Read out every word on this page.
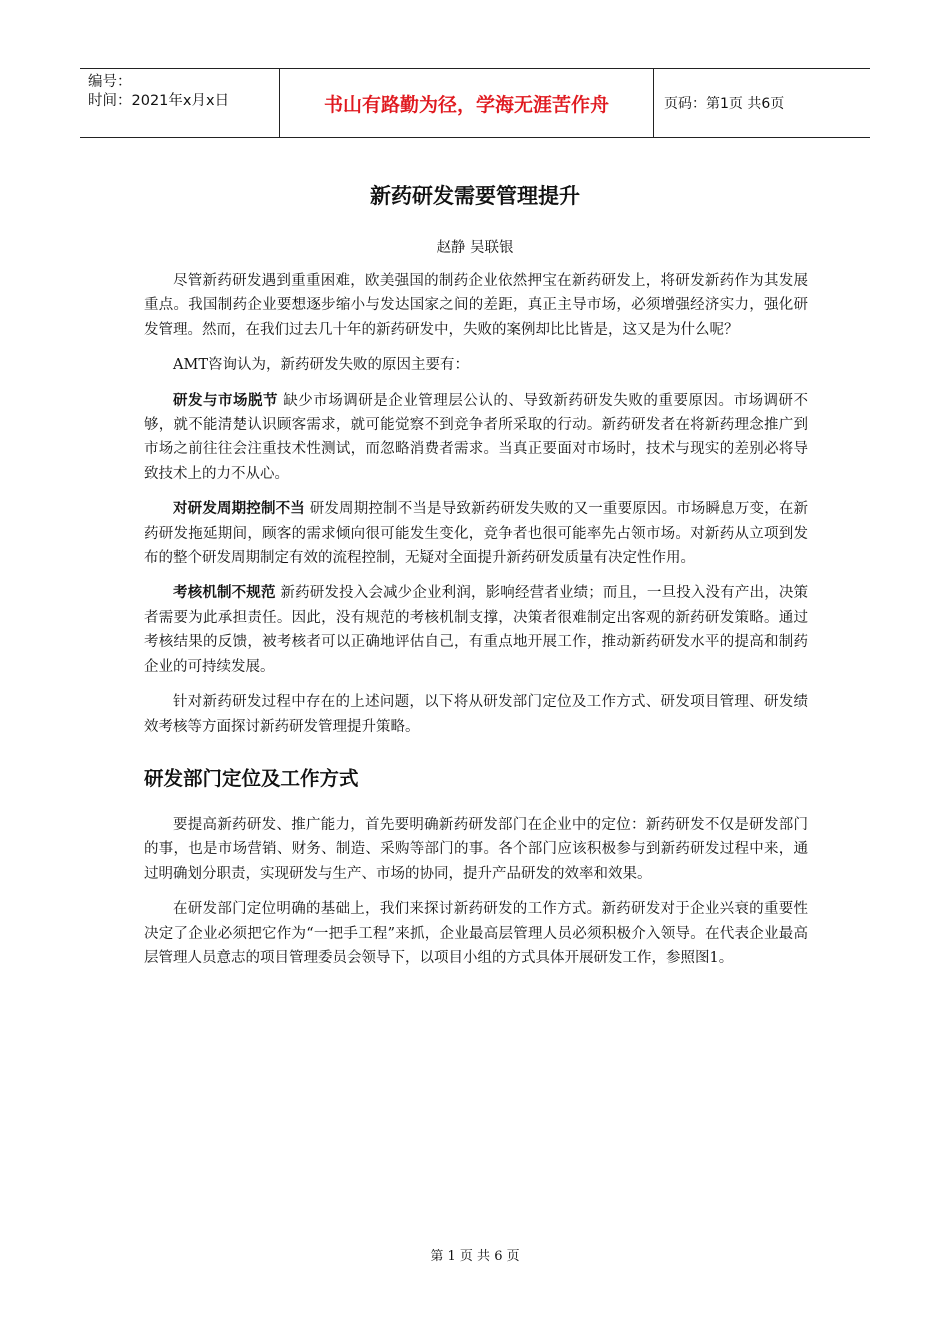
编号：
时间：2021年x月x日	书山有路勤为径，学海无涯苦作舟	页码：第1页 共6页
新药研发需要管理提升
赵静 吴联银

尽管新药研发遇到重重困难，欧美强国的制药企业依然押宝在新药研发上，将研发新药作为其发展重点。我国制药企业要想逐步缩小与发达国家之间的差距，真正主导市场，必须增强经济实力，强化研发管理。然而，在我们过去几十年的新药研发中，失败的案例却比比皆是，这又是为什么呢？

AMT咨询认为，新药研发失败的原因主要有：

研发与市场脱节 缺少市场调研是企业管理层公认的、导致新药研发失败的重要原因。市场调研不够，就不能清楚认识顾客需求，就可能觉察不到竞争者所采取的行动。新药研发者在将新药理念推广到市场之前往往会注重技术性测试，而忽略消费者需求。当真正要面对市场时，技术与现实的差别必将导致技术上的力不从心。

对研发周期控制不当 研发周期控制不当是导致新药研发失败的又一重要原因。市场瞬息万变，在新药研发拖延期间，顾客的需求倾向很可能发生变化，竞争者也很可能率先占领市场。对新药从立项到发布的整个研发周期制定有效的流程控制，无疑对全面提升新药研发质量有决定性作用。

考核机制不规范 新药研发投入会减少企业利润，影响经营者业绩；而且，一旦投入没有产出，决策者需要为此承担责任。因此，没有规范的考核机制支撑，决策者很难制定出客观的新药研发策略。通过考核结果的反馈，被考核者可以正确地评估自己，有重点地开展工作，推动新药研发水平的提高和制药企业的可持续发展。

针对新药研发过程中存在的上述问题，以下将从研发部门定位及工作方式、研发项目管理、研发绩效考核等方面探讨新药研发管理提升策略。

研发部门定位及工作方式

要提高新药研发、推广能力，首先要明确新药研发部门在企业中的定位：新药研发不仅是研发部门的事，也是市场营销、财务、制造、采购等部门的事。各个部门应该积极参与到新药研发过程中来，通过明确划分职责，实现研发与生产、市场的协同，提升产品研发的效率和效果。

在研发部门定位明确的基础上，我们来探讨新药研发的工作方式。新药研发对于企业兴衰的重要性决定了企业必须把它作为“一把手工程”来抓，企业最高层管理人员必须积极介入领导。在代表企业最高层管理人员意志的项目管理委员会领导下，以项目小组的方式具体开展研发工作，参照图1。

第 1 页 共 6 页
